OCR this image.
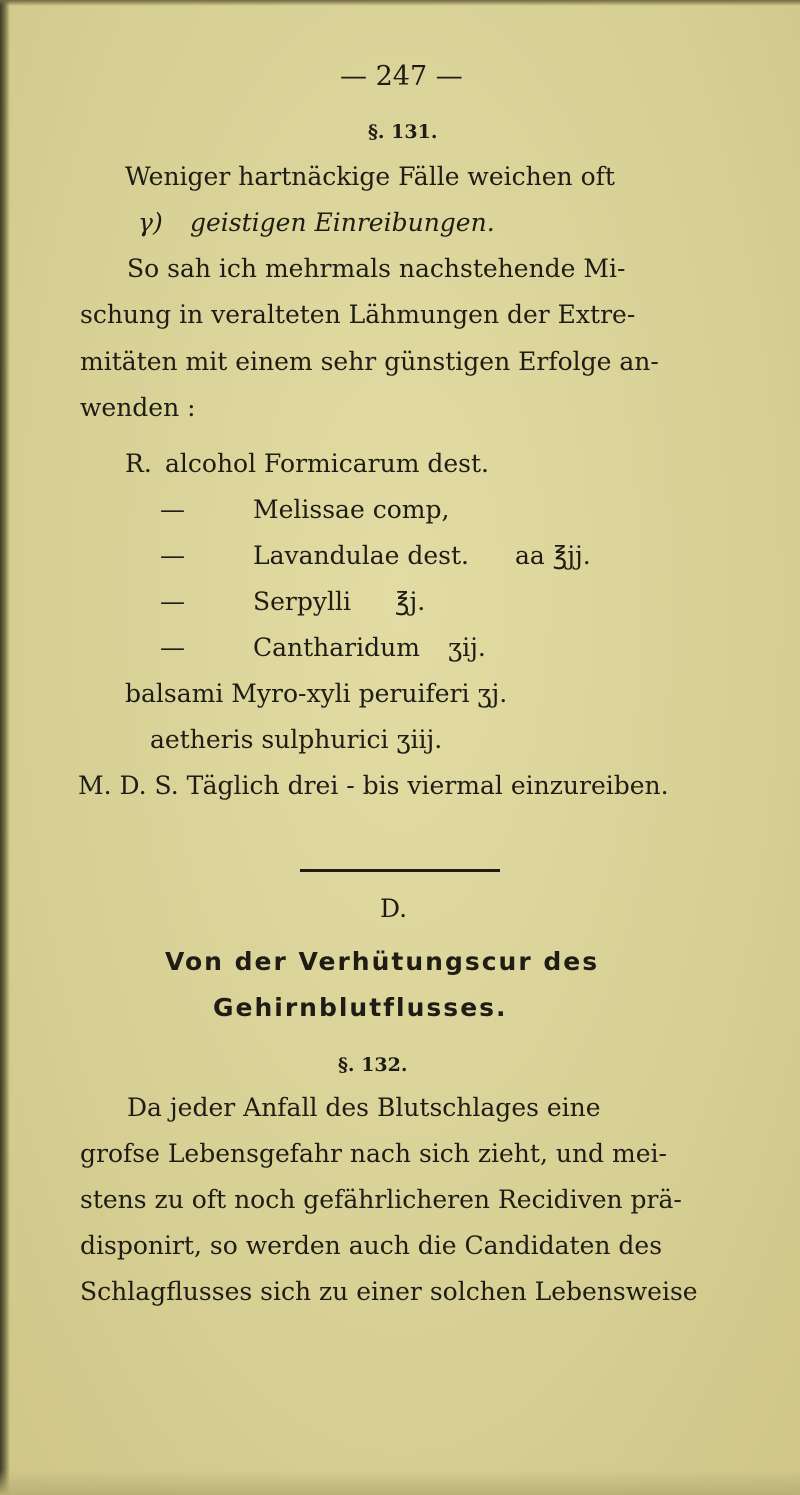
— 247 —
§. 131.
Weniger hartnäckige Fälle weichen oft
γ) geistigen Einreibungen.
So sah ich mehrmals nachstehende Mi-
schung in veralteten Lähmungen der Extre-
mitäten mit einem sehr günstigen Erfolge an-
wenden :
R. alcohol Formicarum dest.
—	Melissae comp,
—	Lavandulae dest. aa ℥jj.
—	Serpylli ℥j.
—	Cantharidum ʒij.
balsami Myro-xyli peruiferi ʒj.
aetheris sulphurici ʒiij.
M. D. S. Täglich drei - bis viermal einzureiben.
D.
Von der Verhütungscur des
Gehirnblutflusses.
§. 132.
Da jeder Anfall des Blutschlages eine
grofse Lebensgefahr nach sich zieht, und mei-
stens zu oft noch gefährlicheren Recidiven prä-
disponirt, so werden auch die Candidaten des
Schlagflusses sich zu einer solchen Lebensweise
